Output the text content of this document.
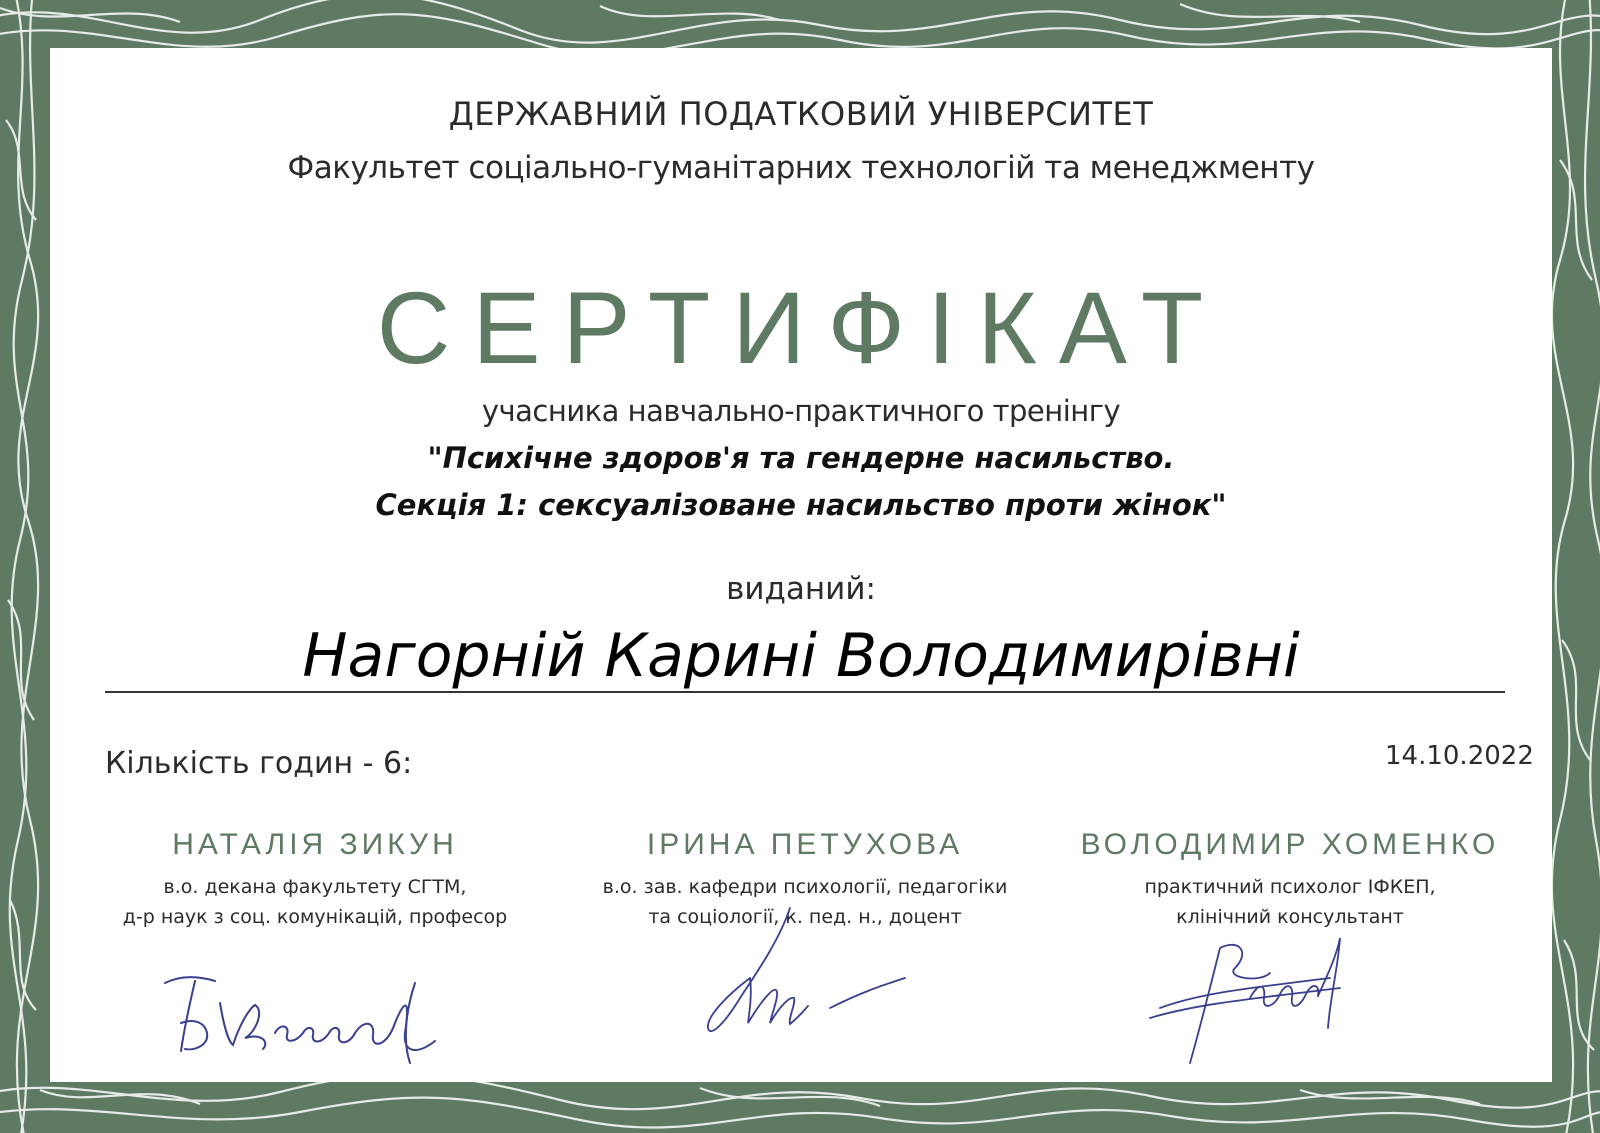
ДЕРЖАВНИЙ ПОДАТКОВИЙ УНІВЕРСИТЕТ
Факультет соціально-гуманітарних технологій та менеджменту
СЕРТИФІКАТ
учасника навчально-практичного тренінгу
"Психічне здоров'я та гендерне насильство.
Секція 1: сексуалізоване насильство проти жінок"
виданий:
Нагорній Карині Володимирівні
Кількість годин - 6:	14.10.2022
НАТАЛІЯ ЗИКУН
в.о. декана факультету СГТМ,
д-р наук з соц. комунікацій, професор
ІРИНА ПЕТУХОВА
в.о. зав. кафедри психології, педагогіки
та соціології, к. пед. н., доцент
ВОЛОДИМИР ХОМЕНКО
практичний психолог ІФКЕП,
клінічний консультант
